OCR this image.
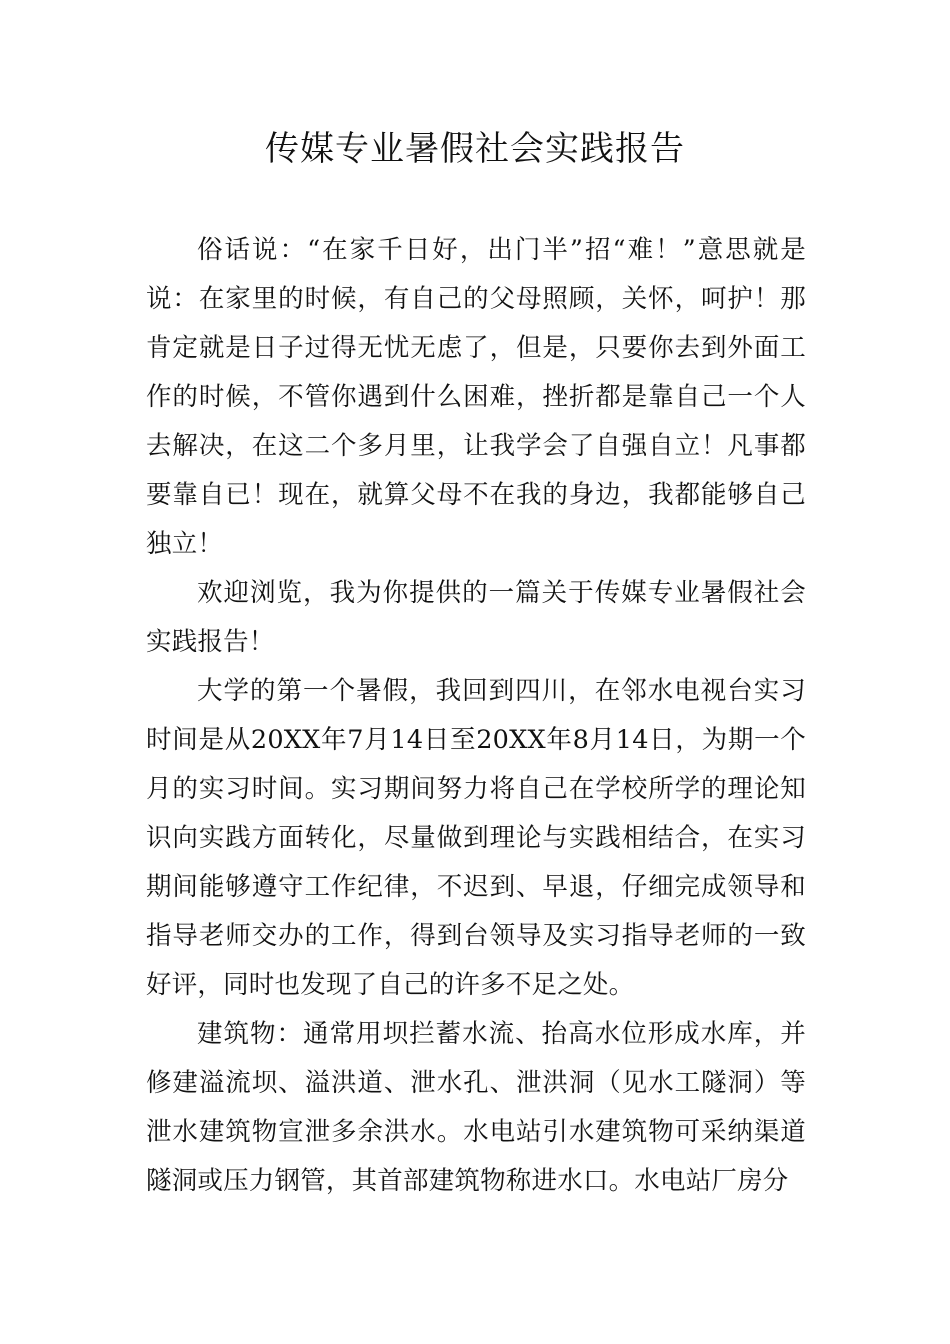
传媒专业暑假社会实践报告

俗话说：“在家千日好，出门半”招“难！”意思就是说：在家里的时候，有自己的父母照顾，关怀，呵护！那肯定就是日子过得无忧无虑了，但是，只要你去到外面工作的时候，不管你遇到什么困难，挫折都是靠自己一个人去解决，在这二个多月里，让我学会了自强自立！凡事都要靠自已！现在，就算父母不在我的身边，我都能够自己独立！

欢迎浏览，我为你提供的一篇关于传媒专业暑假社会实践报告！

大学的第一个暑假，我回到四川，在邻水电视台实习时间是从20XX年7月14日至20XX年8月14日，为期一个月的实习时间。实习期间努力将自己在学校所学的理论知识向实践方面转化，尽量做到理论与实践相结合，在实习期间能够遵守工作纪律，不迟到、早退，仔细完成领导和指导老师交办的工作，得到台领导及实习指导老师的一致好评，同时也发现了自己的许多不足之处。

建筑物：通常用坝拦蓄水流、抬高水位形成水库，并修建溢流坝、溢洪道、泄水孔、泄洪洞（见水工隧洞）等泄水建筑物宣泄多余洪水。水电站引水建筑物可采纳渠道隧洞或压力钢管，其首部建筑物称进水口。水电站厂房分
